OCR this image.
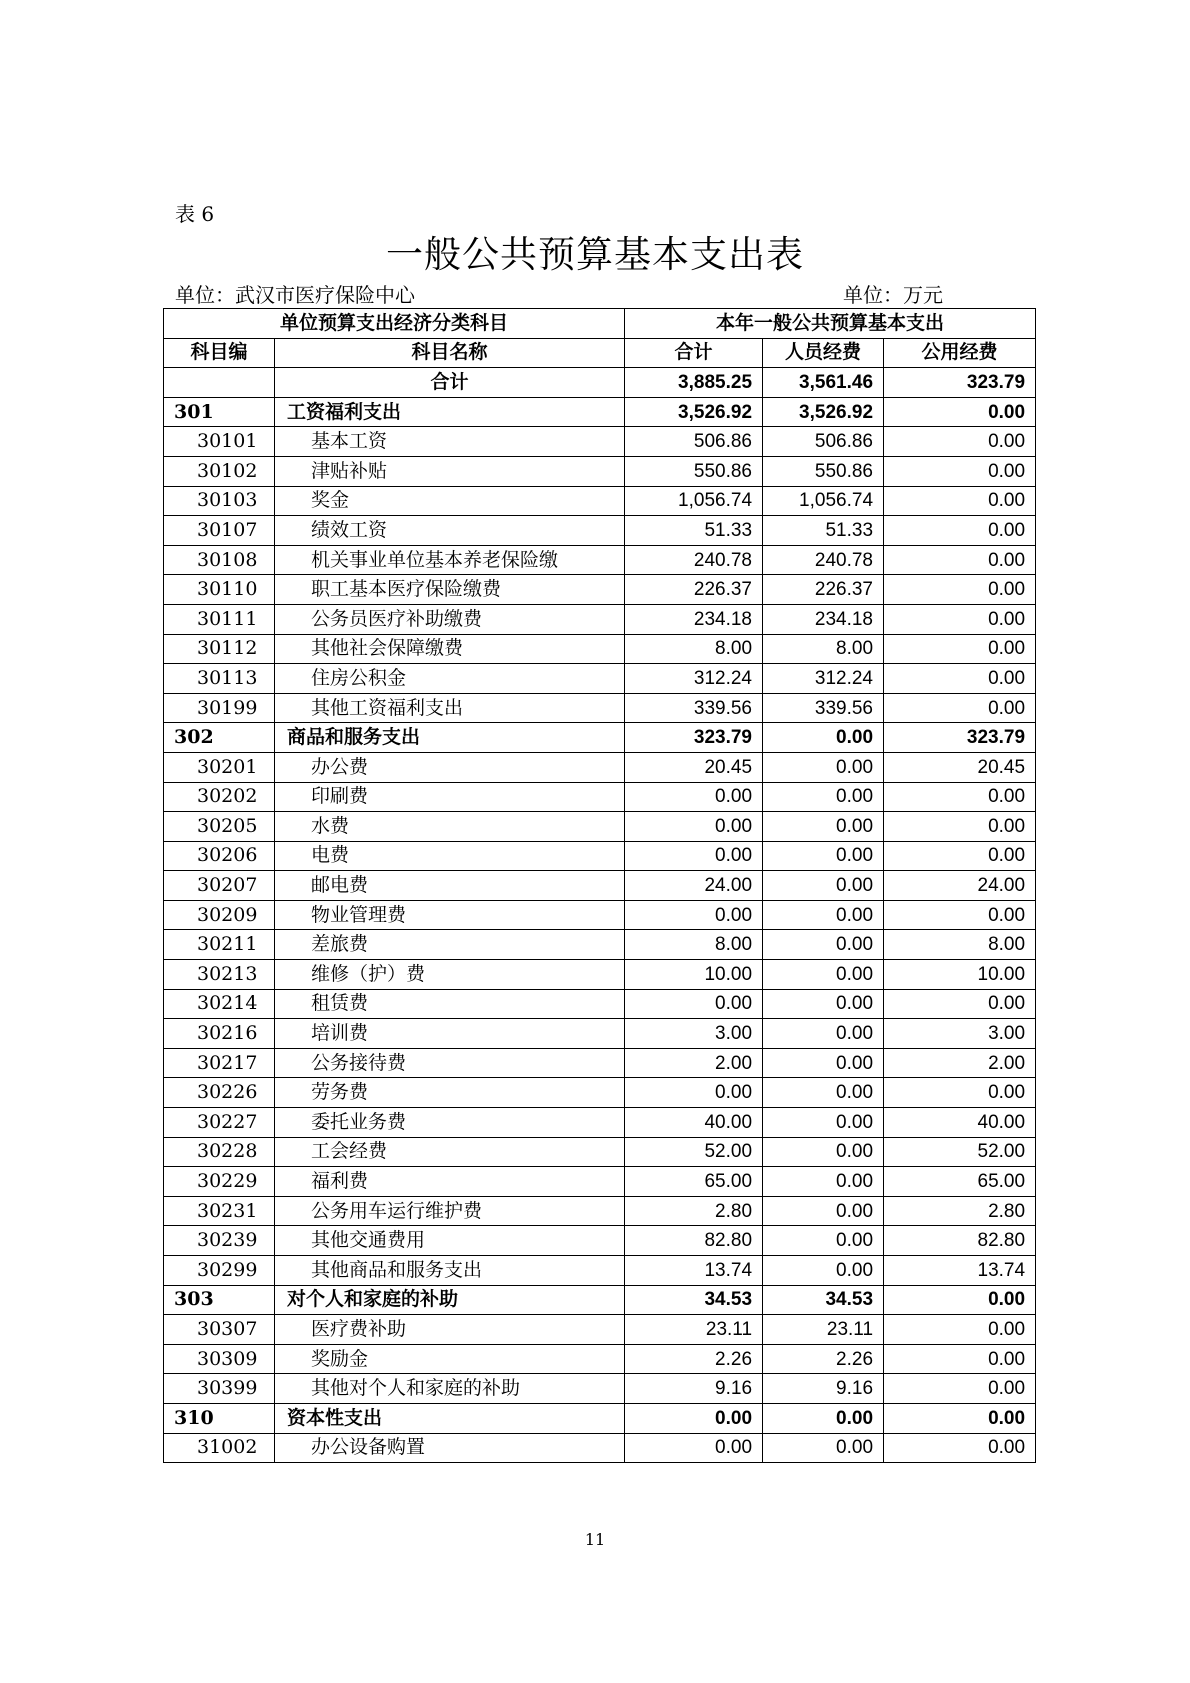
表 6
一般公共预算基本支出表
单位：武汉市医疗保险中心	单位：万元
单位预算支出经济分类科目		本年一般公共预算基本支出		
科目编	科目名称	合计	人员经费	公用经费
	合计	3,885.25	3,561.46	323.79
301	工资福利支出	3,526.92	3,526.92	0.00
30101	基本工资	506.86	506.86	0.00
30102	津贴补贴	550.86	550.86	0.00
30103	奖金	1,056.74	1,056.74	0.00
30107	绩效工资	51.33	51.33	0.00
30108	机关事业单位基本养老保险缴	240.78	240.78	0.00
30110	职工基本医疗保险缴费	226.37	226.37	0.00
30111	公务员医疗补助缴费	234.18	234.18	0.00
30112	其他社会保障缴费	8.00	8.00	0.00
30113	住房公积金	312.24	312.24	0.00
30199	其他工资福利支出	339.56	339.56	0.00
302	商品和服务支出	323.79	0.00	323.79
30201	办公费	20.45	0.00	20.45
30202	印刷费	0.00	0.00	0.00
30205	水费	0.00	0.00	0.00
30206	电费	0.00	0.00	0.00
30207	邮电费	24.00	0.00	24.00
30209	物业管理费	0.00	0.00	0.00
30211	差旅费	8.00	0.00	8.00
30213	维修（护）费	10.00	0.00	10.00
30214	租赁费	0.00	0.00	0.00
30216	培训费	3.00	0.00	3.00
30217	公务接待费	2.00	0.00	2.00
30226	劳务费	0.00	0.00	0.00
30227	委托业务费	40.00	0.00	40.00
30228	工会经费	52.00	0.00	52.00
30229	福利费	65.00	0.00	65.00
30231	公务用车运行维护费	2.80	0.00	2.80
30239	其他交通费用	82.80	0.00	82.80
30299	其他商品和服务支出	13.74	0.00	13.74
303	对个人和家庭的补助	34.53	34.53	0.00
30307	医疗费补助	23.11	23.11	0.00
30309	奖励金	2.26	2.26	0.00
30399	其他对个人和家庭的补助	9.16	9.16	0.00
310	资本性支出	0.00	0.00	0.00
31002	办公设备购置	0.00	0.00	0.00
11
